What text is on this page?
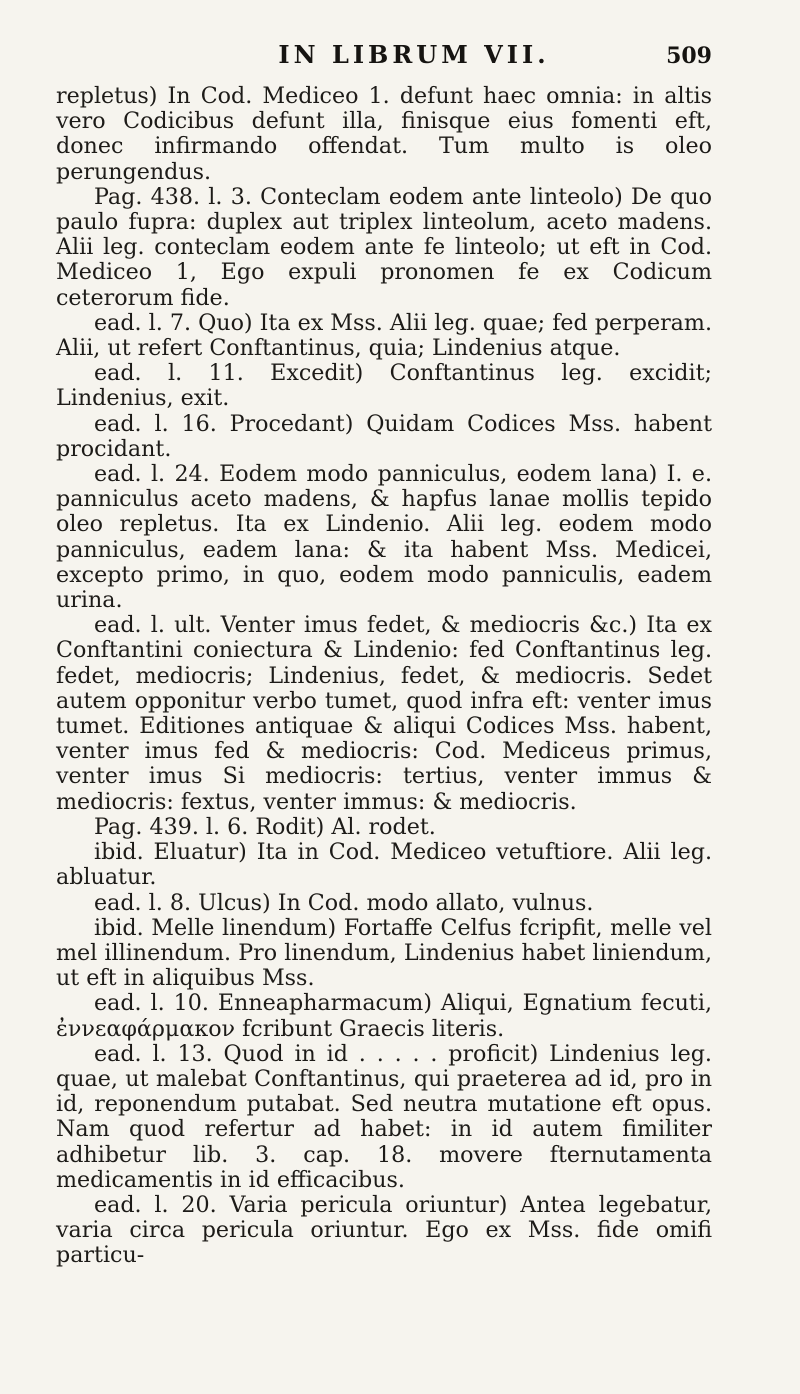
IN LIBRUM VII.	509

repletus) In Cod. Mediceo 1. defunt haec omnia: in altis vero Codicibus defunt illa, finisque eius fomenti eft, donec infirmando offendat. Tum multo is oleo perungendus.

Pag. 438. l. 3. Conteclam eodem ante linteolo) De quo paulo fupra: duplex aut triplex linteolum, aceto madens. Alii leg. conteclam eodem ante fe linteolo; ut eft in Cod. Mediceo 1, Ego expuli pronomen fe ex Codicum ceterorum fide.

ead. l. 7. Quo) Ita ex Mss. Alii leg. quae; fed perperam. Alii, ut refert Conftantinus, quia; Lindenius atque.

ead. l. 11. Excedit) Conftantinus leg. excidit; Lindenius, exit.

ead. l. 16. Procedant) Quidam Codices Mss. habent procidant.

ead. l. 24. Eodem modo panniculus, eodem lana) I. e. panniculus aceto madens, & hapfus lanae mollis tepido oleo repletus. Ita ex Lindenio. Alii leg. eodem modo panniculus, eadem lana: & ita habent Mss. Medicei, excepto primo, in quo, eodem modo panniculis, eadem urina.

ead. l. ult. Venter imus fedet, & mediocris &c.) Ita ex Conftantini coniectura & Lindenio: fed Conftantinus leg. fedet, mediocris; Lindenius, fedet, & mediocris. Sedet autem opponitur verbo tumet, quod infra eft: venter imus tumet. Editiones antiquae & aliqui Codices Mss. habent, venter imus fed & mediocris: Cod. Mediceus primus, venter imus Si mediocris: tertius, venter immus & mediocris: fextus, venter immus: & mediocris.

Pag. 439. l. 6. Rodit) Al. rodet.

ibid. Eluatur) Ita in Cod. Mediceo vetuftiore. Alii leg. abluatur.

ead. l. 8. Ulcus) In Cod. modo allato, vulnus.

ibid. Melle linendum) Fortaffe Celfus fcripfit, melle vel mel illinendum. Pro linendum, Lindenius habet liniendum, ut eft in aliquibus Mss.

ead. l. 10. Enneapharmacum) Aliqui, Egnatium fecuti, ἐννεαφάρμακον fcribunt Graecis literis.

ead. l. 13. Quod in id . . . . . proficit) Lindenius leg. quae, ut malebat Conftantinus, qui praeterea ad id, pro in id, reponendum putabat. Sed neutra mutatione eft opus. Nam quod refertur ad habet: in id autem fimiliter adhibetur lib. 3. cap. 18. movere fternutamenta medicamentis in id efficacibus.

ead. l. 20. Varia pericula oriuntur) Antea legebatur, varia circa pericula oriuntur. Ego ex Mss. fide omifi particu-
